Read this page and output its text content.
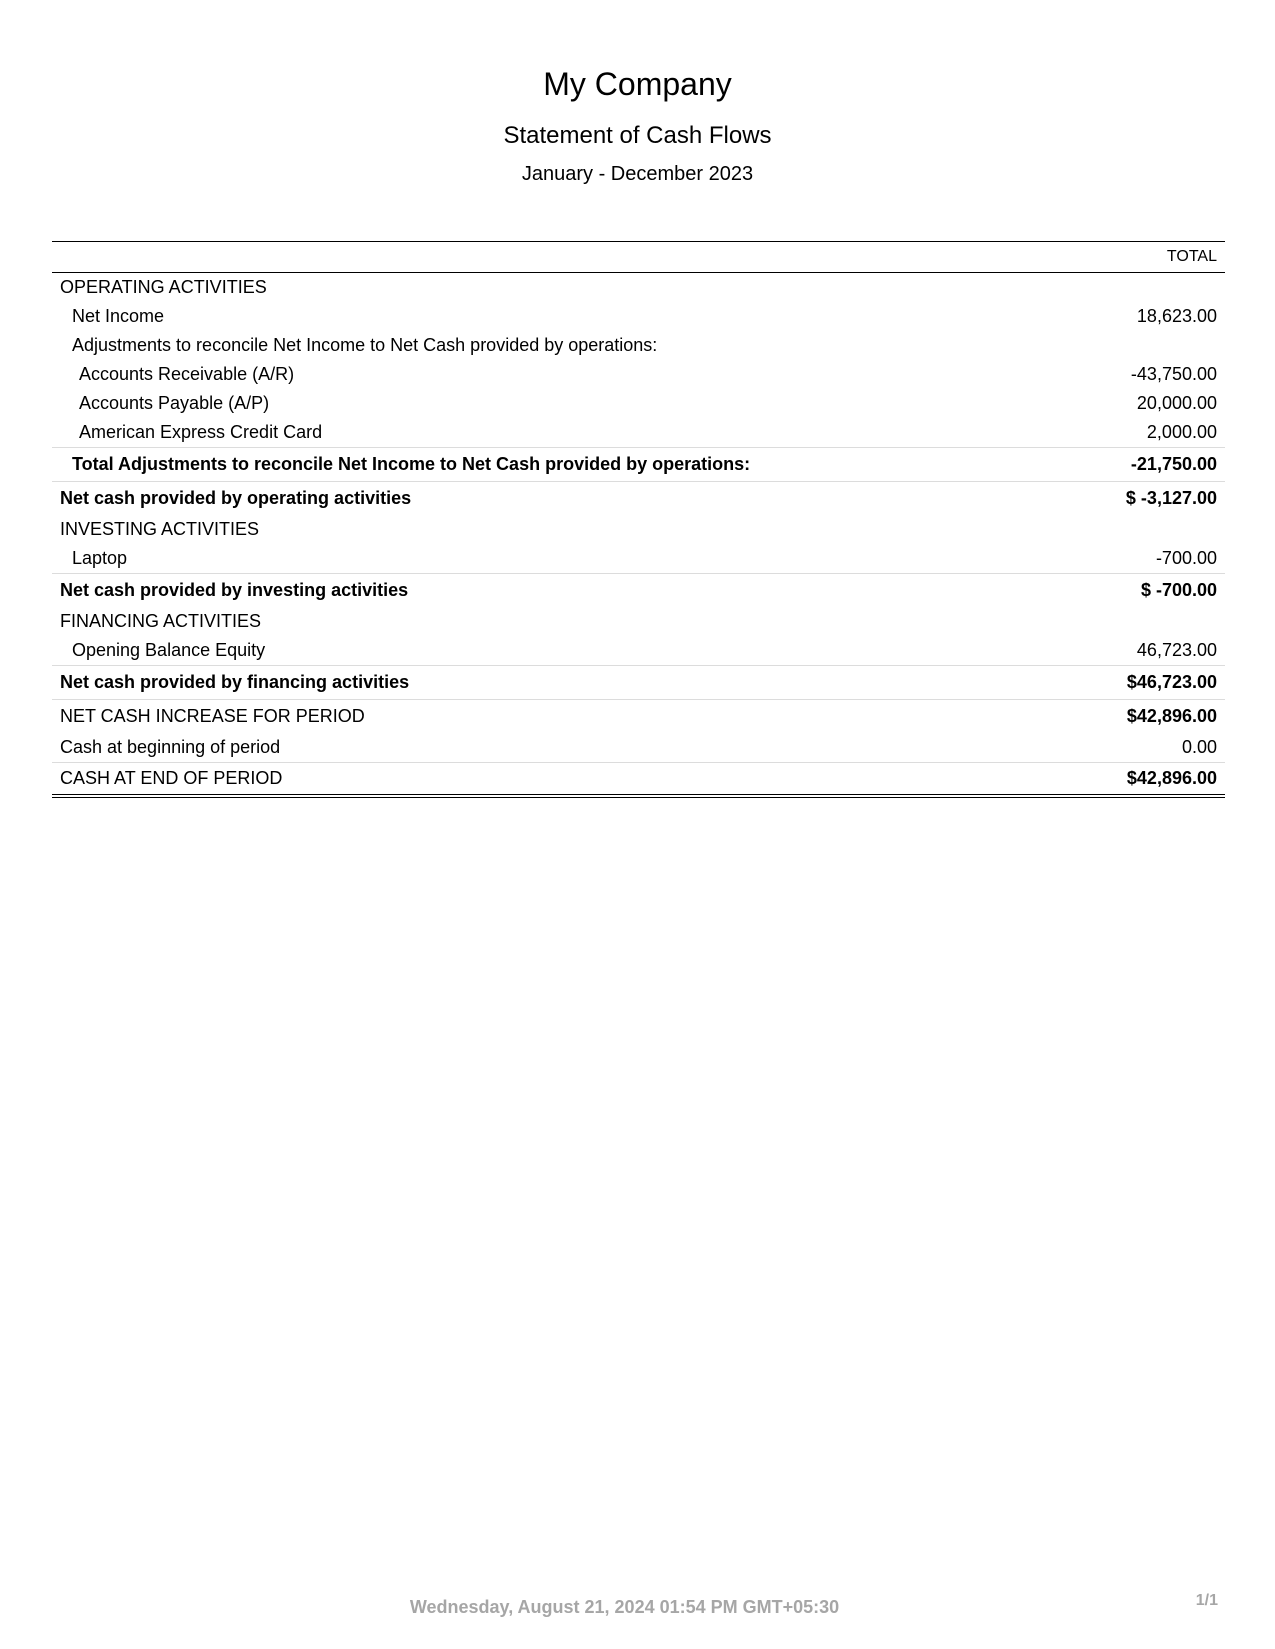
My Company
Statement of Cash Flows
January - December 2023
	TOTAL
OPERATING ACTIVITIES	
Net Income	18,623.00
Adjustments to reconcile Net Income to Net Cash provided by operations:	
Accounts Receivable (A/R)	-43,750.00
Accounts Payable (A/P)	20,000.00
American Express Credit Card	2,000.00
Total Adjustments to reconcile Net Income to Net Cash provided by operations:	-21,750.00
Net cash provided by operating activities	$ -3,127.00
INVESTING ACTIVITIES	
Laptop	-700.00
Net cash provided by investing activities	$ -700.00
FINANCING ACTIVITIES	
Opening Balance Equity	46,723.00
Net cash provided by financing activities	$46,723.00
NET CASH INCREASE FOR PERIOD	$42,896.00
Cash at beginning of period	0.00
CASH AT END OF PERIOD	$42,896.00
Wednesday, August 21, 2024 01:54 PM GMT+05:30	1/1
